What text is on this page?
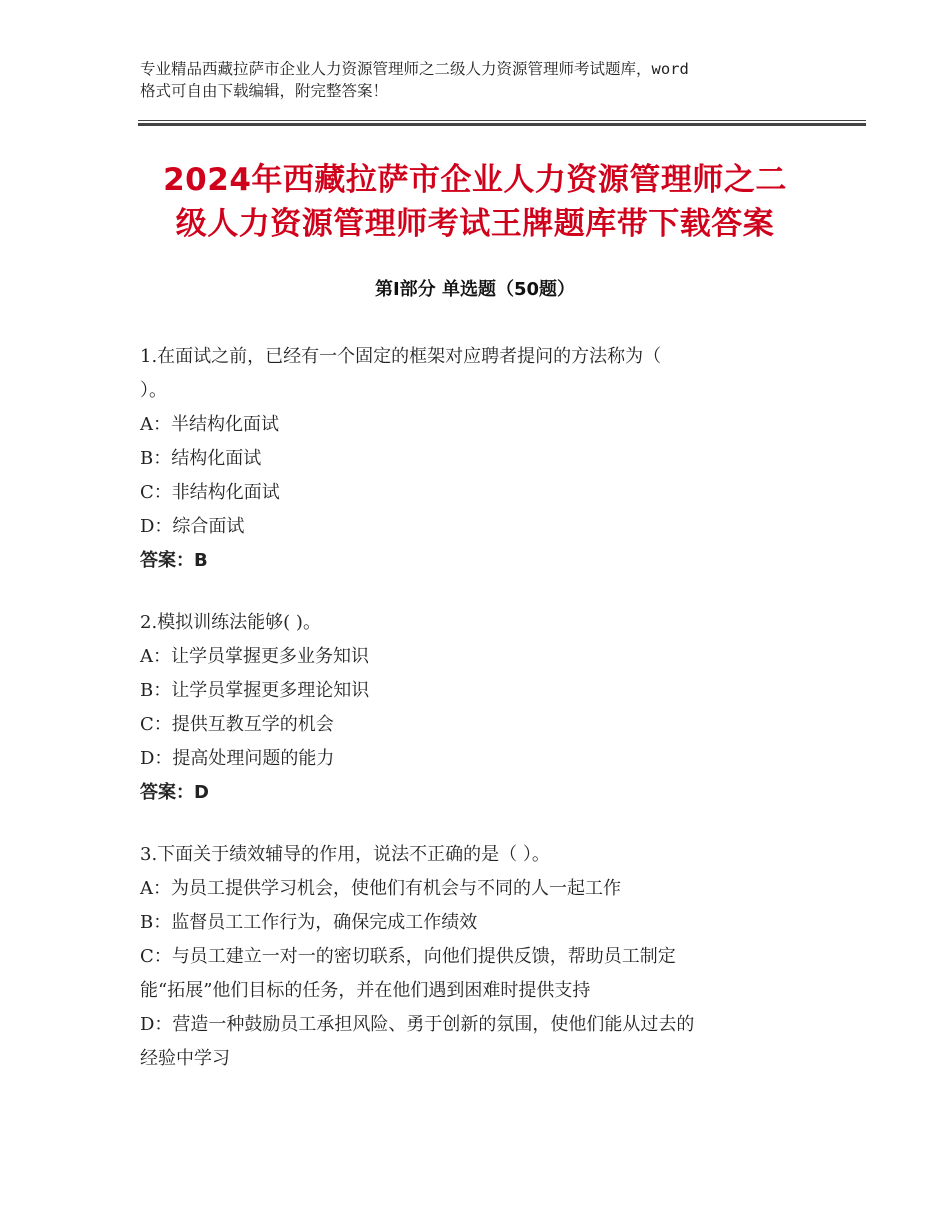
专业精品西藏拉萨市企业人力资源管理师之二级人力资源管理师考试题库，word
格式可自由下载编辑，附完整答案！
2024年西藏拉萨市企业人力资源管理师之二
级人力资源管理师考试王牌题库带下载答案
第Ⅰ部分 单选题（50题）
1.在面试之前，已经有一个固定的框架对应聘者提问的方法称为（
）。
A：半结构化面试
B：结构化面试
C：非结构化面试
D：综合面试
答案：B
2.模拟训练法能够( )。
A：让学员掌握更多业务知识
B：让学员掌握更多理论知识
C：提供互教互学的机会
D：提高处理问题的能力
答案：D
3.下面关于绩效辅导的作用，说法不正确的是（ ）。
A：为员工提供学习机会，使他们有机会与不同的人一起工作
B：监督员工工作行为，确保完成工作绩效
C：与员工建立一对一的密切联系，向他们提供反馈，帮助员工制定
能“拓展”他们目标的任务，并在他们遇到困难时提供支持
D：营造一种鼓励员工承担风险、勇于创新的氛围，使他们能从过去的
经验中学习
